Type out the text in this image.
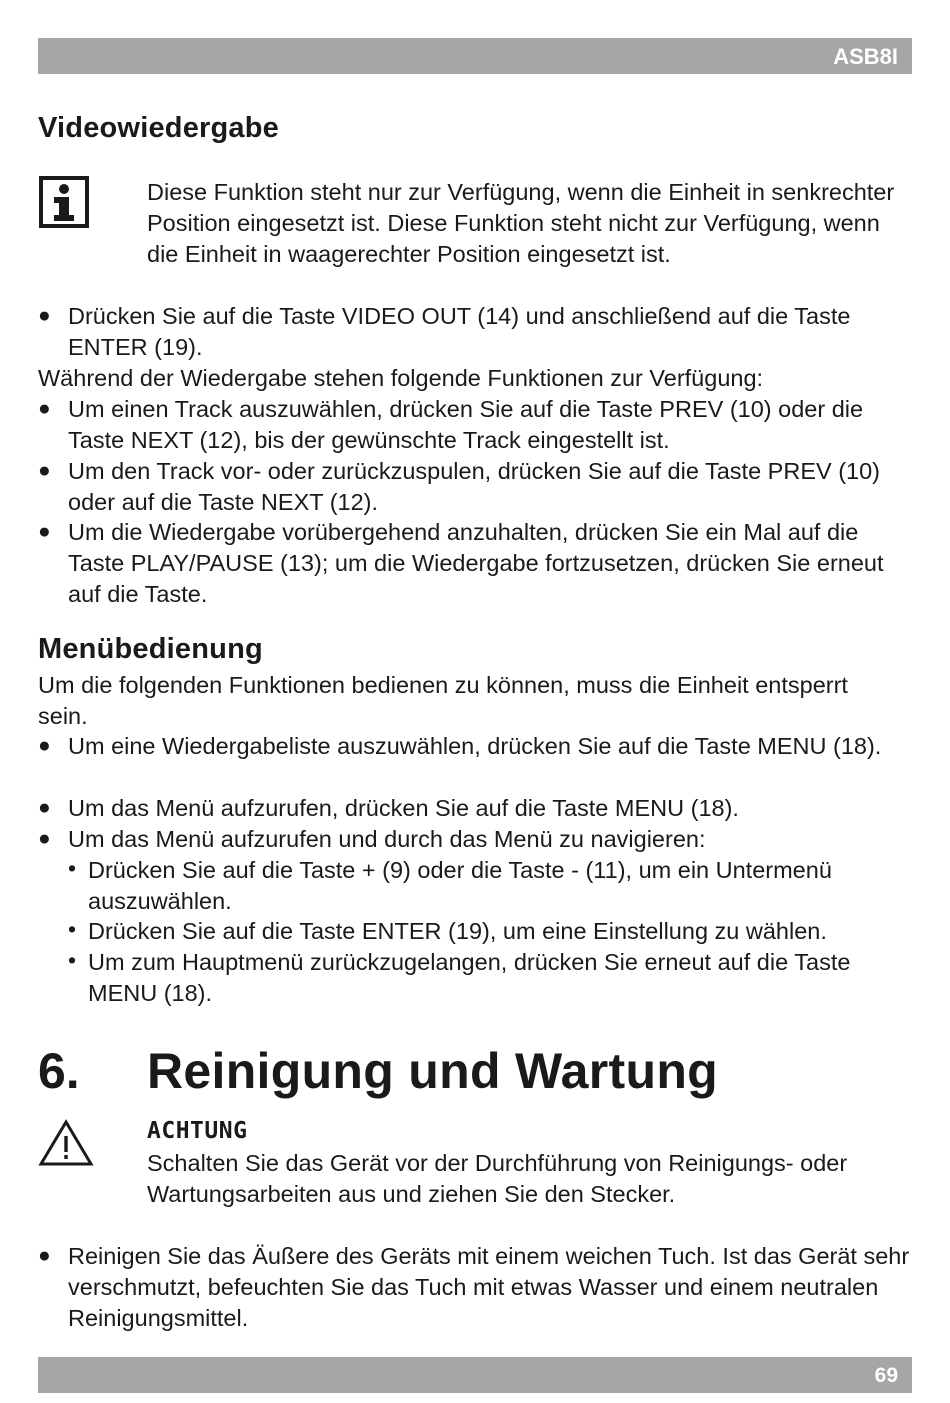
ASB8I
Videowiedergabe
Diese Funktion steht nur zur Verfügung, wenn die Einheit in senkrechter Position eingesetzt ist. Diese Funktion steht nicht zur Verfügung, wenn die Einheit in waagerechter Position eingesetzt ist.
● Drücken Sie auf die Taste VIDEO OUT (14) und anschließend auf die Taste ENTER (19).
Während der Wiedergabe stehen folgende Funktionen zur Verfügung:
● Um einen Track auszuwählen, drücken Sie auf die Taste PREV (10) oder die Taste NEXT (12), bis der gewünschte Track eingestellt ist.
● Um den Track vor- oder zurückzuspulen, drücken Sie auf die Taste PREV (10) oder auf die Taste NEXT (12).
● Um die Wiedergabe vorübergehend anzuhalten, drücken Sie ein Mal auf die Taste PLAY/PAUSE (13); um die Wiedergabe fortzusetzen, drücken Sie erneut auf die Taste.
Menübedienung
Um die folgenden Funktionen bedienen zu können, muss die Einheit entsperrt sein.
● Um eine Wiedergabeliste auszuwählen, drücken Sie auf die Taste MENU (18).
● Um das Menü aufzurufen, drücken Sie auf die Taste MENU (18).
● Um das Menü aufzurufen und durch das Menü zu navigieren:
• Drücken Sie auf die Taste + (9) oder die Taste - (11), um ein Untermenü auszuwählen.
• Drücken Sie auf die Taste ENTER (19), um eine Einstellung zu wählen.
• Um zum Hauptmenü zurückzugelangen, drücken Sie erneut auf die Taste MENU (18).
6. Reinigung und Wartung
ACHTUNG
Schalten Sie das Gerät vor der Durchführung von Reinigungs- oder Wartungsarbeiten aus und ziehen Sie den Stecker.
● Reinigen Sie das Äußere des Geräts mit einem weichen Tuch. Ist das Gerät sehr verschmutzt, befeuchten Sie das Tuch mit etwas Wasser und einem neutralen Reinigungsmittel.
69
